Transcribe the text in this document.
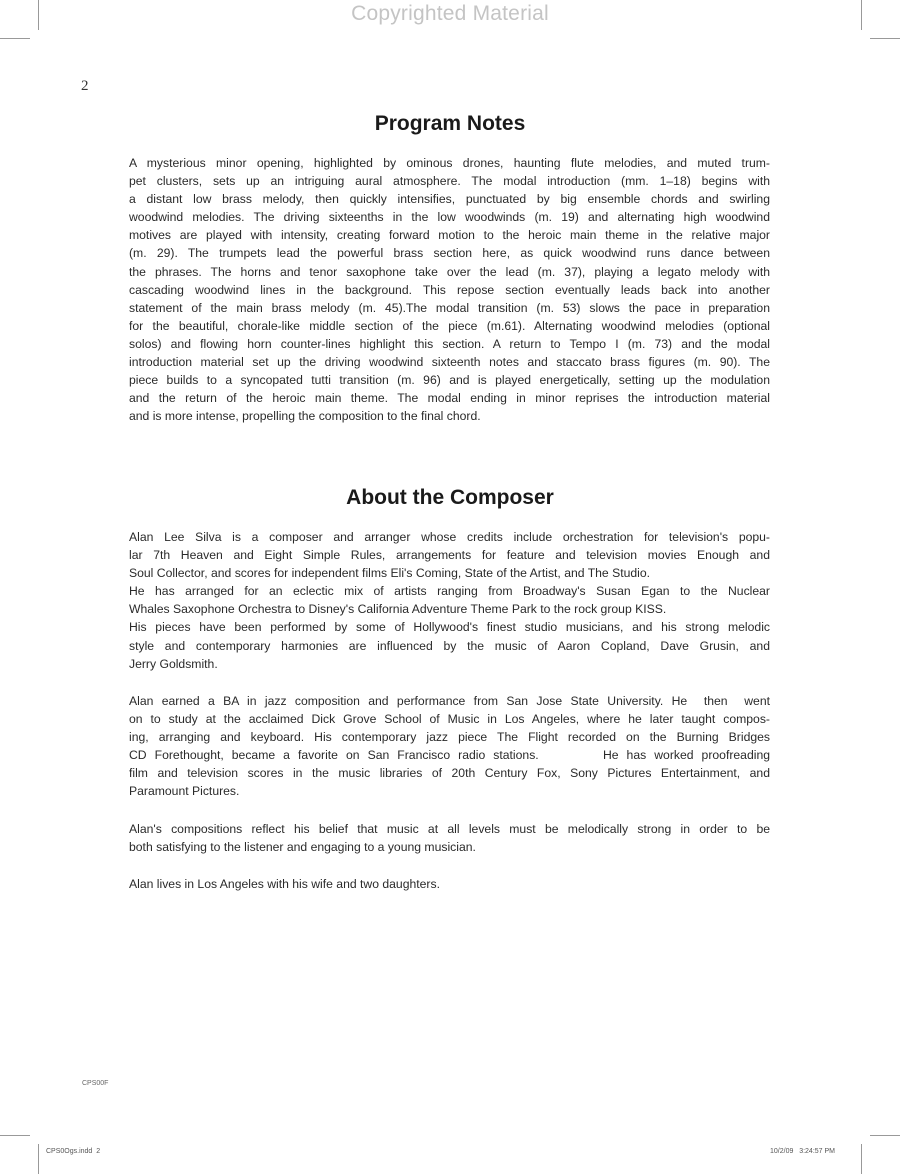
Copyrighted Material
2
Program Notes
A mysterious minor opening, highlighted by ominous drones, haunting flute melodies, and muted trum-
pet clusters, sets up an intriguing aural atmosphere. The modal introduction (mm. 1–18) begins with
a distant low brass melody, then quickly intensifies, punctuated by big ensemble chords and swirling
woodwind melodies. The driving sixteenths in the low woodwinds (m. 19) and alternating high woodwind
motives are played with intensity, creating forward motion to the heroic main theme in the relative major
(m. 29). The trumpets lead the powerful brass section here, as quick woodwind runs dance between
the phrases. The horns and tenor saxophone take over the lead (m. 37), playing a legato melody with
cascading woodwind lines in the background. This repose section eventually leads back into another
statement of the main brass melody (m. 45).The modal transition (m. 53) slows the pace in preparation
for the beautiful, chorale-like middle section of the piece (m.61). Alternating woodwind melodies (optional
solos) and flowing horn counter-lines highlight this section. A return to Tempo I (m. 73) and the modal
introduction material set up the driving woodwind sixteenth notes and staccato brass figures (m. 90). The
piece builds to a syncopated tutti transition (m. 96) and is played energetically, setting up the modulation
and the return of the heroic main theme. The modal ending in minor reprises the introduction material
and is more intense, propelling the composition to the final chord.
About the Composer
Alan Lee Silva is a composer and arranger whose credits include orchestration for television's popu-
lar 7th Heaven and Eight Simple Rules, arrangements for feature and television movies Enough and
Soul Collector, and scores for independent films Eli's Coming, State of the Artist, and The Studio.
He has arranged for an eclectic mix of artists ranging from Broadway's Susan Egan to the Nuclear
Whales Saxophone Orchestra to Disney's California Adventure Theme Park to the rock group KISS.
His pieces have been performed by some of Hollywood's finest studio musicians, and his strong melodic
style and contemporary harmonies are influenced by the music of Aaron Copland, Dave Grusin, and
Jerry Goldsmith.
Alan earned a BA in jazz composition and performance from San Jose State University. He  then  went
on to study at the acclaimed Dick Grove School of Music in Los Angeles, where he later taught compos-
ing, arranging and keyboard. His contemporary jazz piece The Flight recorded on the Burning Bridges
CD Forethought, became a favorite on San Francisco radio stations.        He has worked proofreading
film and television scores in the music libraries of 20th Century Fox, Sony Pictures Entertainment, and
Paramount Pictures.
Alan's compositions reflect his belief that music at all levels must be melodically strong in order to be
both satisfying to the listener and engaging to a young musician.
Alan lives in Los Angeles with his wife and two daughters.
CPS00F
CPS0Ogs.indd  2	10/2/09   3:24:57 PM
